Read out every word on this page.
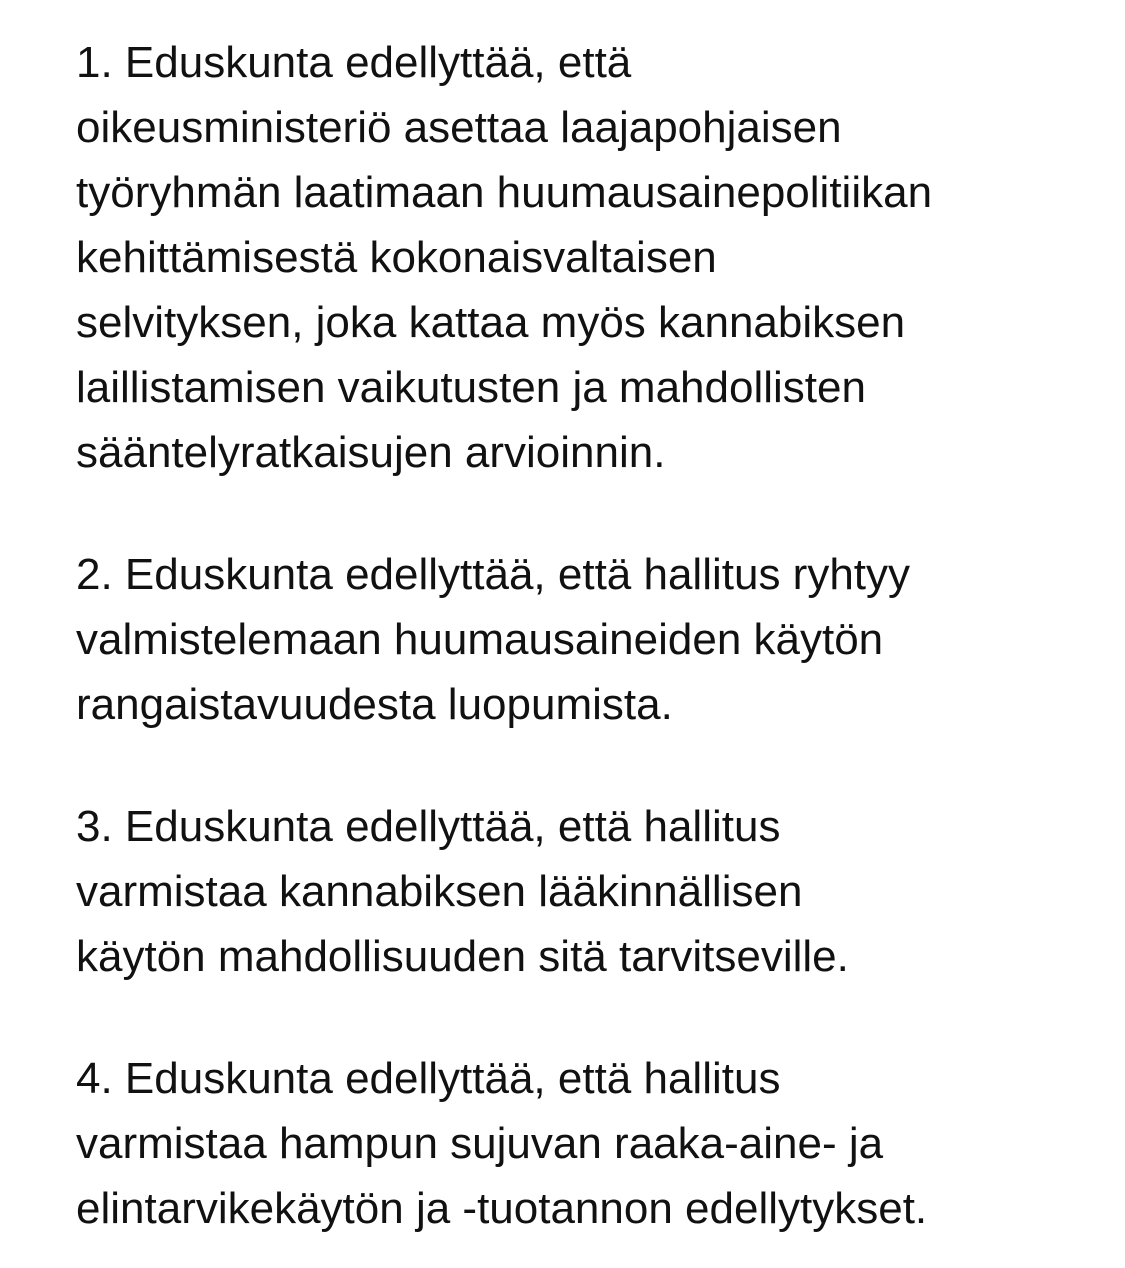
1. Eduskunta edellyttää, että
oikeusministeriö asettaa laajapohjaisen
työryhmän laatimaan huumausainepolitiikan
kehittämisestä kokonaisvaltaisen
selvityksen, joka kattaa myös kannabiksen
laillistamisen vaikutusten ja mahdollisten
sääntelyratkaisujen arvioinnin.

2. Eduskunta edellyttää, että hallitus ryhtyy
valmistelemaan huumausaineiden käytön
rangaistavuudesta luopumista.

3. Eduskunta edellyttää, että hallitus
varmistaa kannabiksen lääkinnällisen
käytön mahdollisuuden sitä tarvitseville.

4. Eduskunta edellyttää, että hallitus
varmistaa hampun sujuvan raaka-aine- ja
elintarvikekäytön ja -tuotannon edellytykset.
